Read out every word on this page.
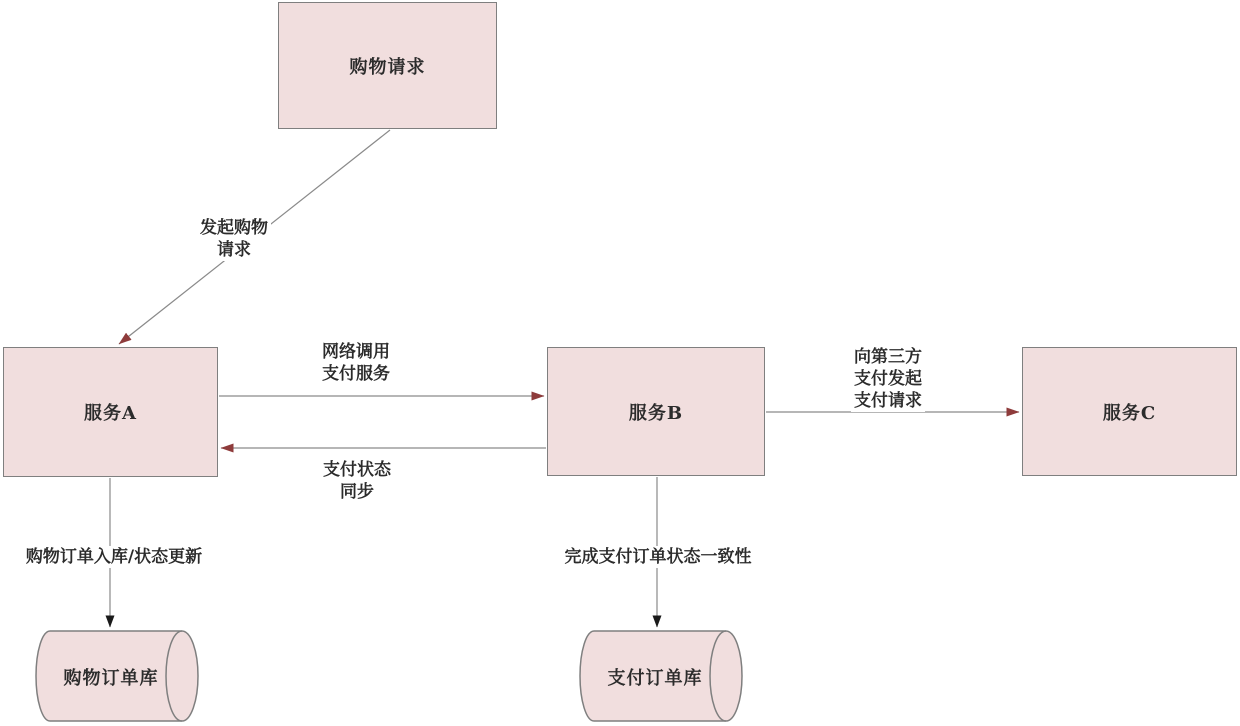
购物请求
服务A	服务B	服务C
发起购物
请求
网络调用
支付服务
支付状态
同步
向第三方
支付发起
支付请求
购物订单入库/状态更新	完成支付订单状态一致性
购物订单库	支付订单库
